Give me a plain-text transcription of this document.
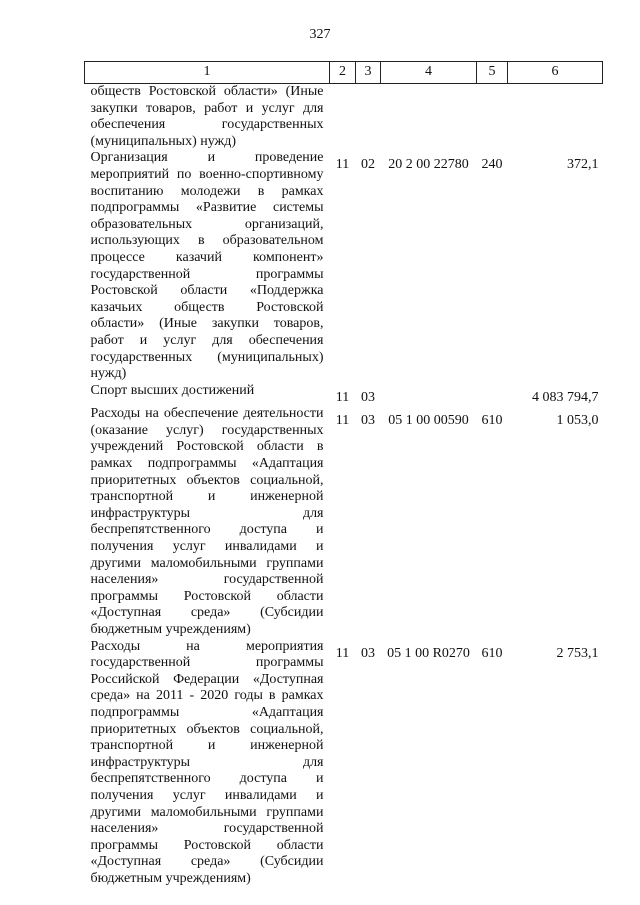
327
1	2	3	4	5	6
обществ Ростовской области» (Иные закупки товаров, работ и услуг для обеспечения государственных (муниципальных) нужд)					
Организация и проведение мероприятий по военно-спортивному воспитанию молодежи в рамках подпрограммы «Развитие системы образовательных организаций, использующих в образовательном процессе казачий компонент» государственной программы Ростовской области «Поддержка казачьих обществ Ростовской области» (Иные закупки товаров, работ и услуг для обеспечения государственных (муниципальных) нужд)	11	02	20 2 00 22780	240	372,1
Спорт высших достижений	11	03			4 083 794,7
Расходы на обеспечение деятельности (оказание услуг) государственных учреждений Ростовской области в рамках подпрограммы «Адаптация приоритетных объектов социальной, транспортной и инженерной инфраструктуры для беспрепятственного доступа и получения услуг инвалидами и другими маломобильными группами населения» государственной программы Ростовской области «Доступная среда» (Субсидии бюджетным учреждениям)	11	03	05 1 00 00590	610	1 053,0
Расходы на мероприятия государственной программы Российской Федерации «Доступная среда» на 2011 - 2020 годы в рамках подпрограммы «Адаптация приоритетных объектов социальной, транспортной и инженерной инфраструктуры для беспрепятственного доступа и получения услуг инвалидами и другими маломобильными группами населения» государственной программы Ростовской области «Доступная среда» (Субсидии бюджетным учреждениям)	11	03	05 1 00 R0270	610	2 753,1
